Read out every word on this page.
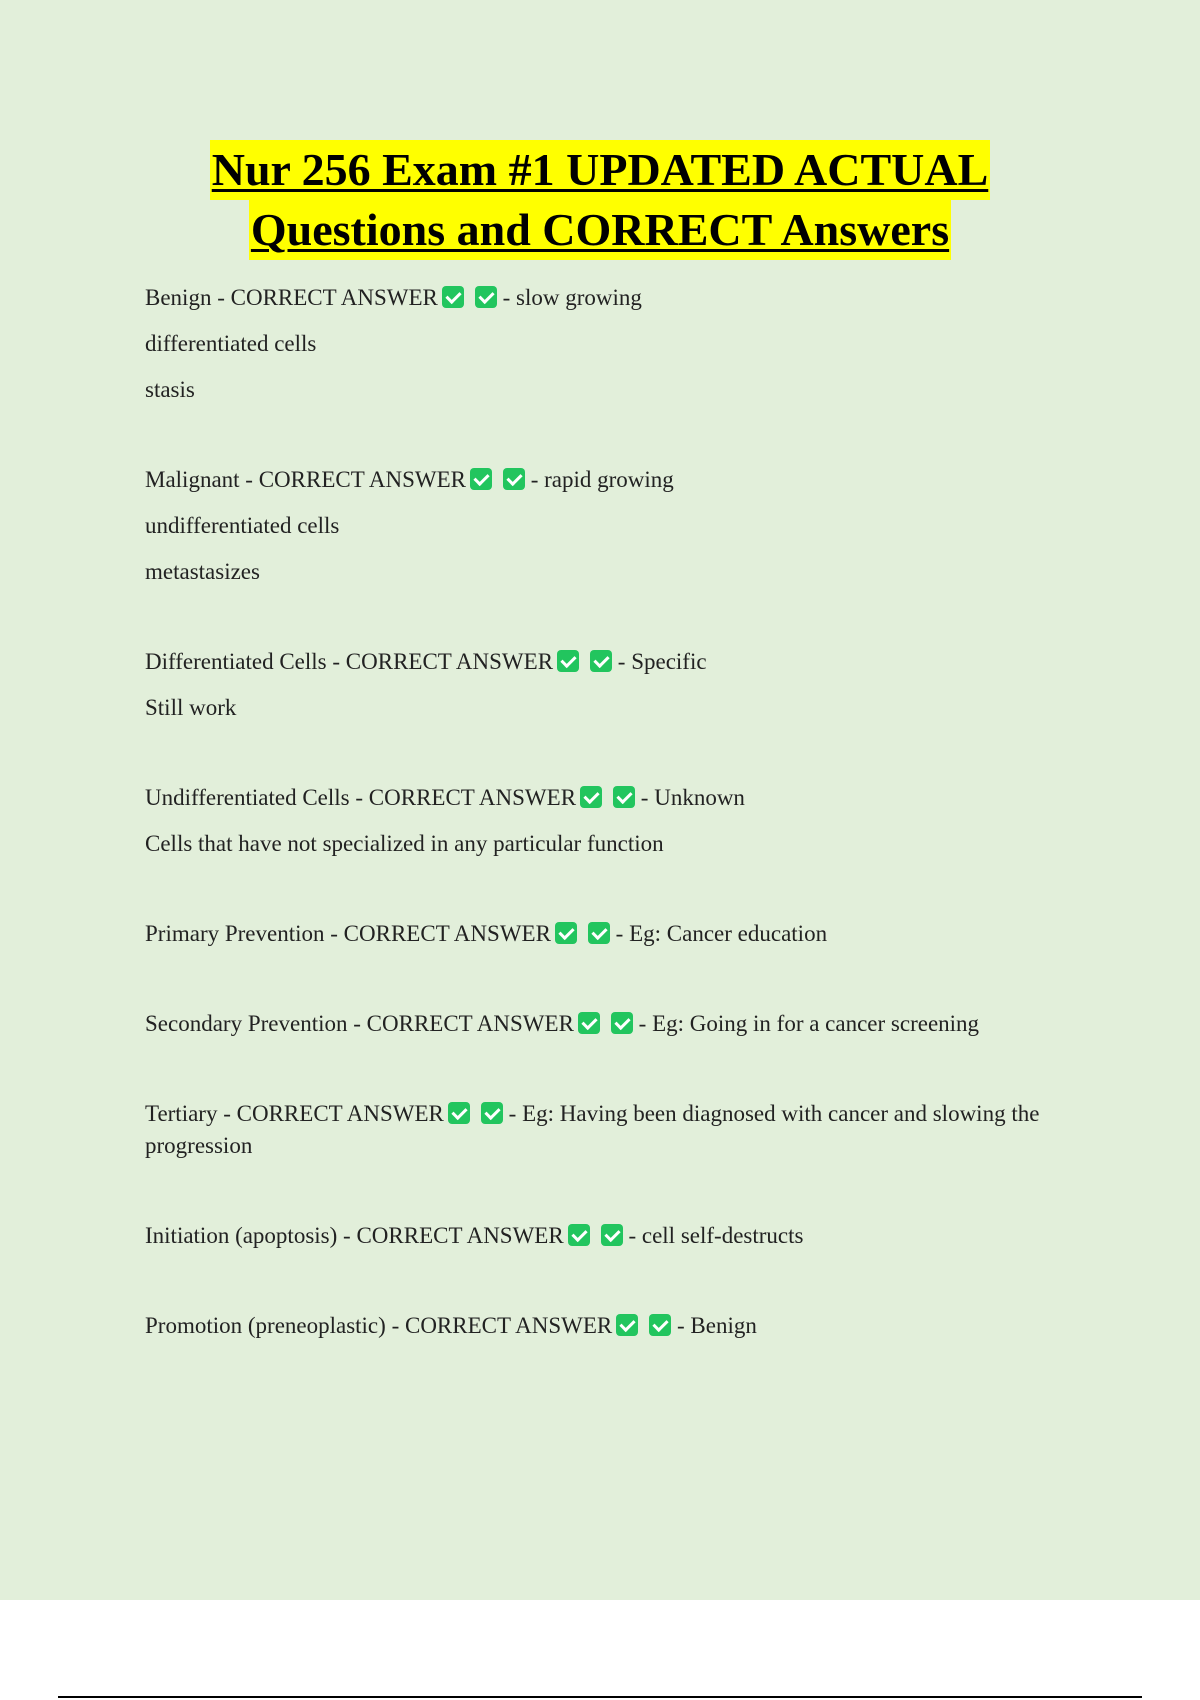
Nur 256 Exam #1 UPDATED ACTUAL
Questions and CORRECT Answers
Benign - CORRECT ANSWER	- slow growing
differentiated cells
stasis
Malignant - CORRECT ANSWER	- rapid growing
undifferentiated cells
metastasizes
Differentiated Cells - CORRECT ANSWER	- Specific
Still work
Undifferentiated Cells - CORRECT ANSWER	- Unknown
Cells that have not specialized in any particular function
Primary Prevention - CORRECT ANSWER	- Eg: Cancer education
Secondary Prevention - CORRECT ANSWER	- Eg: Going in for a cancer screening
Tertiary - CORRECT ANSWER	- Eg: Having been diagnosed with cancer and slowing the progression
Initiation (apoptosis) - CORRECT ANSWER	- cell self-destructs
Promotion (preneoplastic) - CORRECT ANSWER	- Benign
